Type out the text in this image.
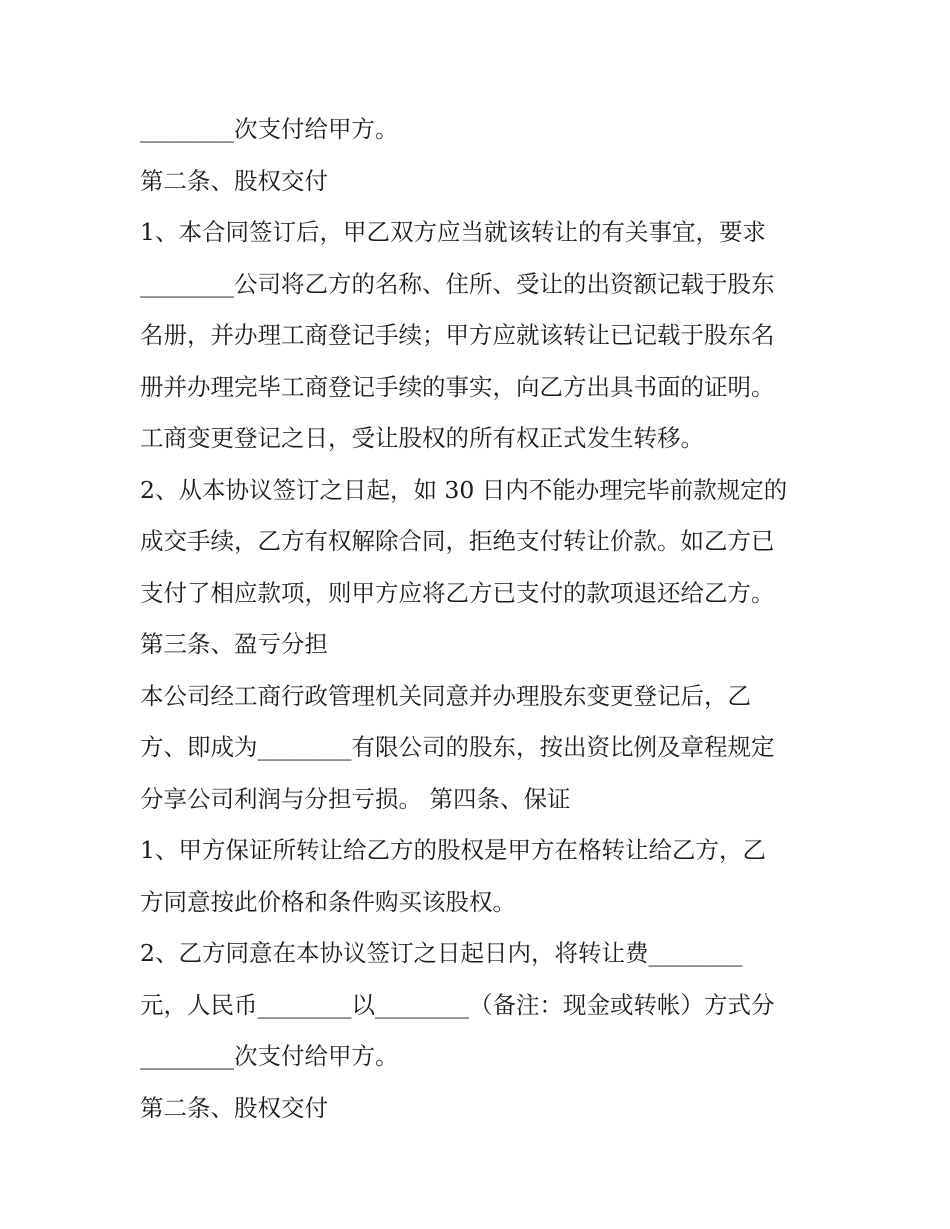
________次支付给甲方。
第二条、股权交付
1、本合同签订后，甲乙双方应当就该转让的有关事宜，要求
________公司将乙方的名称、住所、受让的出资额记载于股东
名册，并办理工商登记手续；甲方应就该转让已记载于股东名
册并办理完毕工商登记手续的事实，向乙方出具书面的证明。
工商变更登记之日，受让股权的所有权正式发生转移。
2、从本协议签订之日起，如 30 日内不能办理完毕前款规定的
成交手续，乙方有权解除合同，拒绝支付转让价款。如乙方已
支付了相应款项，则甲方应将乙方已支付的款项退还给乙方。
第三条、盈亏分担
本公司经工商行政管理机关同意并办理股东变更登记后，乙
方、即成为________有限公司的股东，按出资比例及章程规定
分享公司利润与分担亏损。 第四条、保证
1、甲方保证所转让给乙方的股权是甲方在格转让给乙方，乙
方同意按此价格和条件购买该股权。
2、乙方同意在本协议签订之日起日内，将转让费________
元，人民币________以________（备注：现金或转帐）方式分
________次支付给甲方。
第二条、股权交付
